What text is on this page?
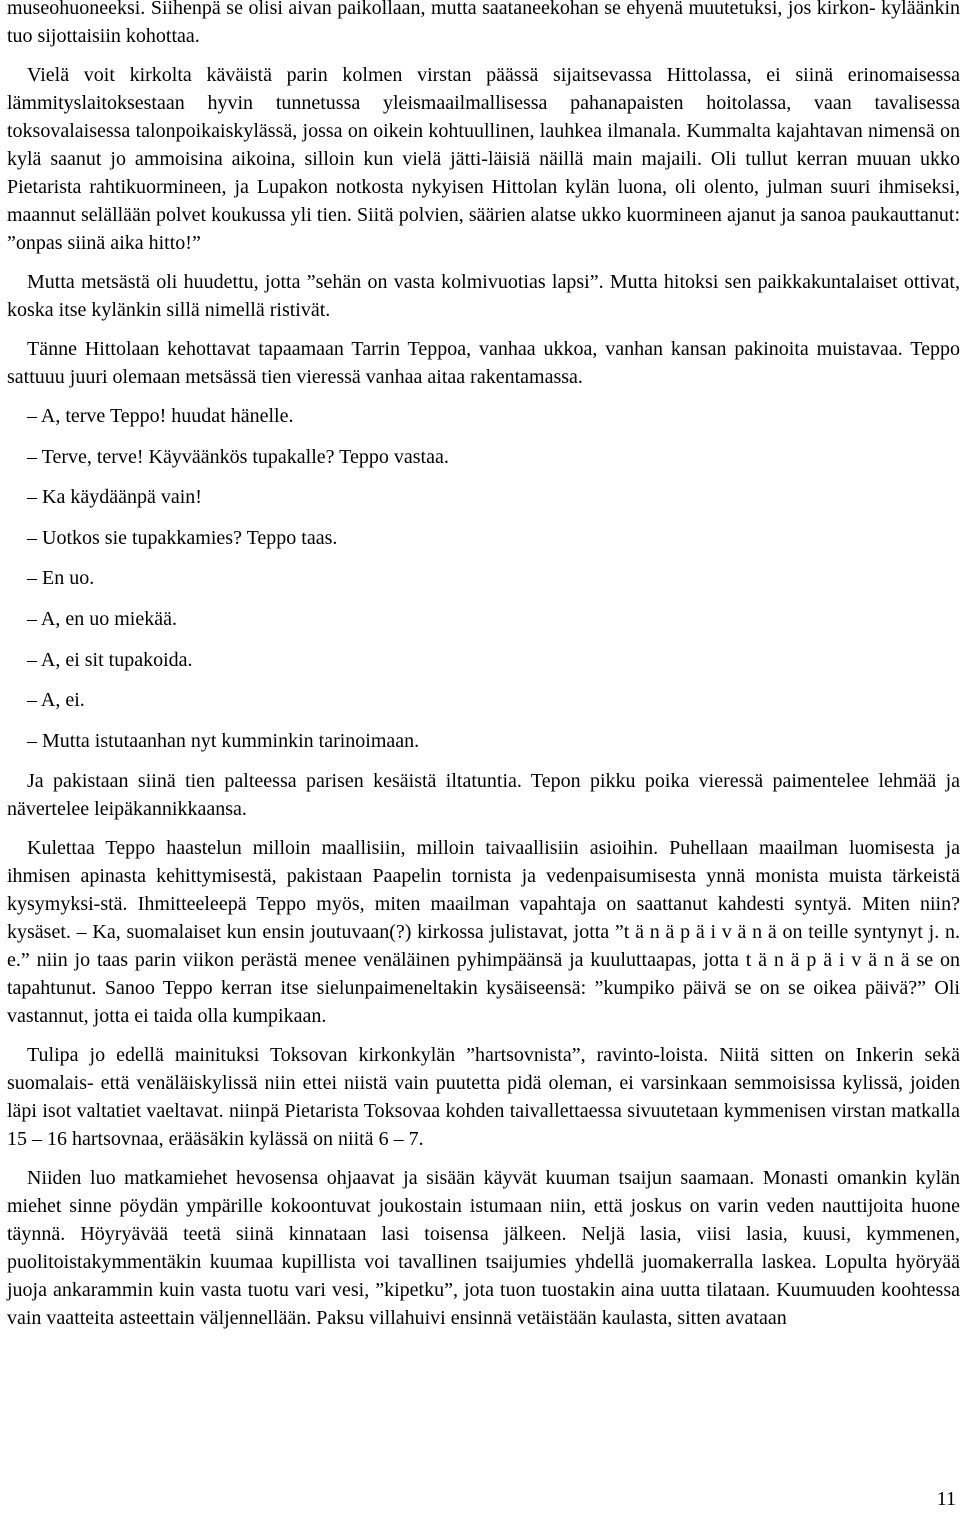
museohuoneeksi. Siihenpä se olisi aivan paikollaan, mutta saataneekohan se ehyenä muutetuksi, jos kirkon- kyläänkin tuo sijottaisiin kohottaa.

Vielä voit kirkolta käväistä parin kolmen virstan päässä sijaitsevassa Hittolassa, ei siinä erinomaisessa lämmityslaitoksestaan hyvin tunnetussa yleismaailmallisessa pahanapaisten hoitolassa, vaan tavalisessa toksovalaisessa talonpoikaiskylässä, jossa on oikein kohtuullinen, lauhkea ilmanala. Kummalta kajahtavan nimensä on kylä saanut jo ammoisina aikoina, silloin kun vielä jätti-läisiä näillä main majaili. Oli tullut kerran muuan ukko Pietarista rahtikuormineen, ja Lupakon notkosta nykyisen Hittolan kylän luona, oli olento, julman suuri ihmiseksi, maannut selällään polvet koukussa yli tien. Siitä polvien, säärien alatse ukko kuormineen ajanut ja sanoa paukauttanut: ”onpas siinä aika hitto!”

Mutta metsästä oli huudettu, jotta ”sehän on vasta kolmivuotias lapsi”. Mutta hitoksi sen paikkakuntalaiset ottivat, koska itse kylänkin sillä nimellä ristivät.

Tänne Hittolaan kehottavat tapaamaan Tarrin Teppoa, vanhaa ukkoa, vanhan kansan pakinoita muistavaa. Teppo sattuuu juuri olemaan metsässä tien vieressä vanhaa aitaa rakentamassa.

– A, terve Teppo! huudat hänelle.

– Terve, terve! Käyväänkös tupakalle? Teppo vastaa.

– Ka käydäänpä vain!

– Uotkos sie tupakkamies? Teppo taas.

– En uo.

– A, en uo miekää.

– A, ei sit tupakoida.

– A, ei.

– Mutta istutaanhan nyt kumminkin tarinoimaan.

Ja pakistaan siinä tien palteessa parisen kesäistä iltatuntia. Tepon pikku poika vieressä paimentelee lehmää ja nävertelee leipäkannikkaansa.

Kulettaa Teppo haastelun milloin maallisiin, milloin taivaallisiin asioihin. Puhellaan maailman luomisesta ja ihmisen apinasta kehittymisestä, pakistaan Paapelin tornista ja vedenpaisumisesta ynnä monista muista tärkeistä kysymyksi-stä. Ihmitteeleepä Teppo myös, miten maailman vapahtaja on saattanut kahdesti syntyä. Miten niin? kysäset. – Ka, suomalaiset kun ensin joutuvaan(?) kirkossa julistavat, jotta ”t ä n ä p ä i v ä n ä on teille syntynyt j. n. e.” niin jo taas parin viikon perästä menee venäläinen pyhimpäänsä ja kuuluttaapas, jotta t ä n ä p ä i v ä n ä se on tapahtunut. Sanoo Teppo kerran itse sielunpaimeneltakin kysäiseensä: ”kumpiko päivä se on se oikea päivä?” Oli vastannut, jotta ei taida olla kumpikaan.

Tulipa jo edellä mainituksi Toksovan kirkonkylän ”hartsovnista”, ravinto-loista. Niitä sitten on Inkerin sekä suomalais- että venäläiskylissä niin ettei niistä vain puutetta pidä oleman, ei varsinkaan semmoisissa kylissä, joiden läpi isot valtatiet vaeltavat. niinpä Pietarista Toksovaa kohden taivallettaessa sivuutetaan kymmenisen virstan matkalla 15 – 16 hartsovnaa, erääsäkin kylässä on niitä 6 – 7.

Niiden luo matkamiehet hevosensa ohjaavat ja sisään käyvät kuuman tsaijun saamaan. Monasti omankin kylän miehet sinne pöydän ympärille kokoontuvat joukostain istumaan niin, että joskus on varin veden nauttijoita huone täynnä. Höyryävää teetä siinä kinnataan lasi toisensa jälkeen. Neljä lasia, viisi lasia, kuusi, kymmenen, puolitoistakymmentäkin kuumaa kupillista voi tavallinen tsaijumies yhdellä juomakerralla laskea. Lopulta hyöryää juoja ankarammin kuin vasta tuotu vari vesi, ”kipetku”, jota tuon tuostakin aina uutta tilataan. Kuumuuden koohtessa vain vaatteita asteettain väljennellään. Paksu villahuivi ensinnä vetäistään kaulasta, sitten avataan

11
